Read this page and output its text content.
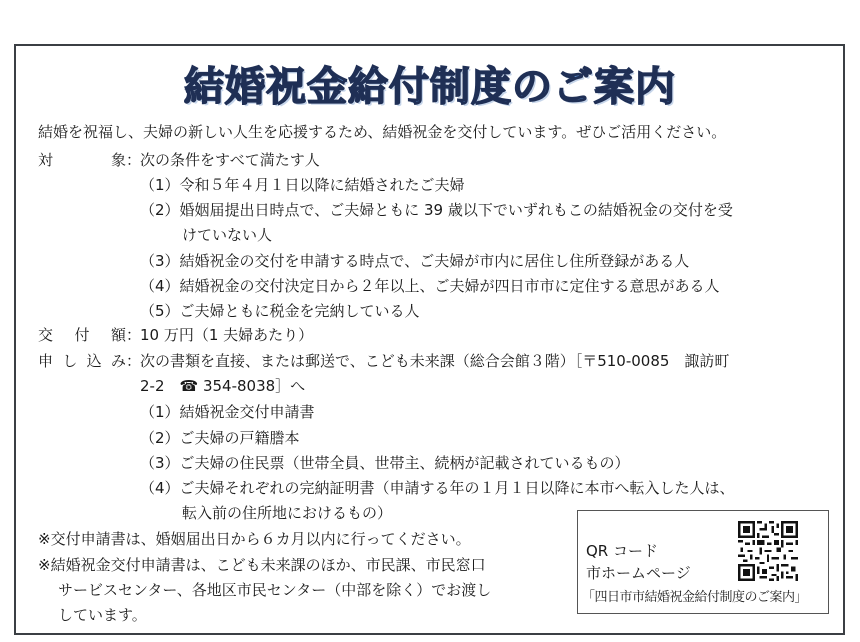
結婚祝金給付制度のご案内

結婚を祝福し、夫婦の新しい人生を応援するため、結婚祝金を交付しています。ぜひご活用ください。

対	象 ：

次の条件をすべて満たす人

（1）令和５年４月１日以降に結婚されたご夫婦

（2）婚姻届提出日時点で、ご夫婦ともに 39 歳以下でいずれもこの結婚祝金の交付を受

けていない人

（3）結婚祝金の交付を申請する時点で、ご夫婦が市内に居住し住所登録がある人

（4）結婚祝金の交付決定日から２年以上、ご夫婦が四日市市に定住する意思がある人

（5）ご夫婦ともに税金を完納している人

交 付 額 ：

10 万円（1 夫婦あたり）

申 し 込 み ：

次の書類を直接、または郵送で、こども未来課（総合会館３階）［〒510-0085　諏訪町

2-2　☎ 354-8038］へ

（1）結婚祝金交付申請書

（2）ご夫婦の戸籍謄本

（3）ご夫婦の住民票（世帯全員、世帯主、続柄が記載されているもの）

（4）ご夫婦それぞれの完納証明書（申請する年の１月１日以降に本市へ転入した人は、

転入前の住所地におけるもの）

※交付申請書は、婚姻届出日から６カ月以内に行ってください。

※結婚祝金交付申請書は、こども未来課のほか、市民課、市民窓口

サービスセンター、各地区市民センター（中部を除く）でお渡し

しています。

QR コード
市ホームページ
「四日市市結婚祝金給付制度のご案内」
